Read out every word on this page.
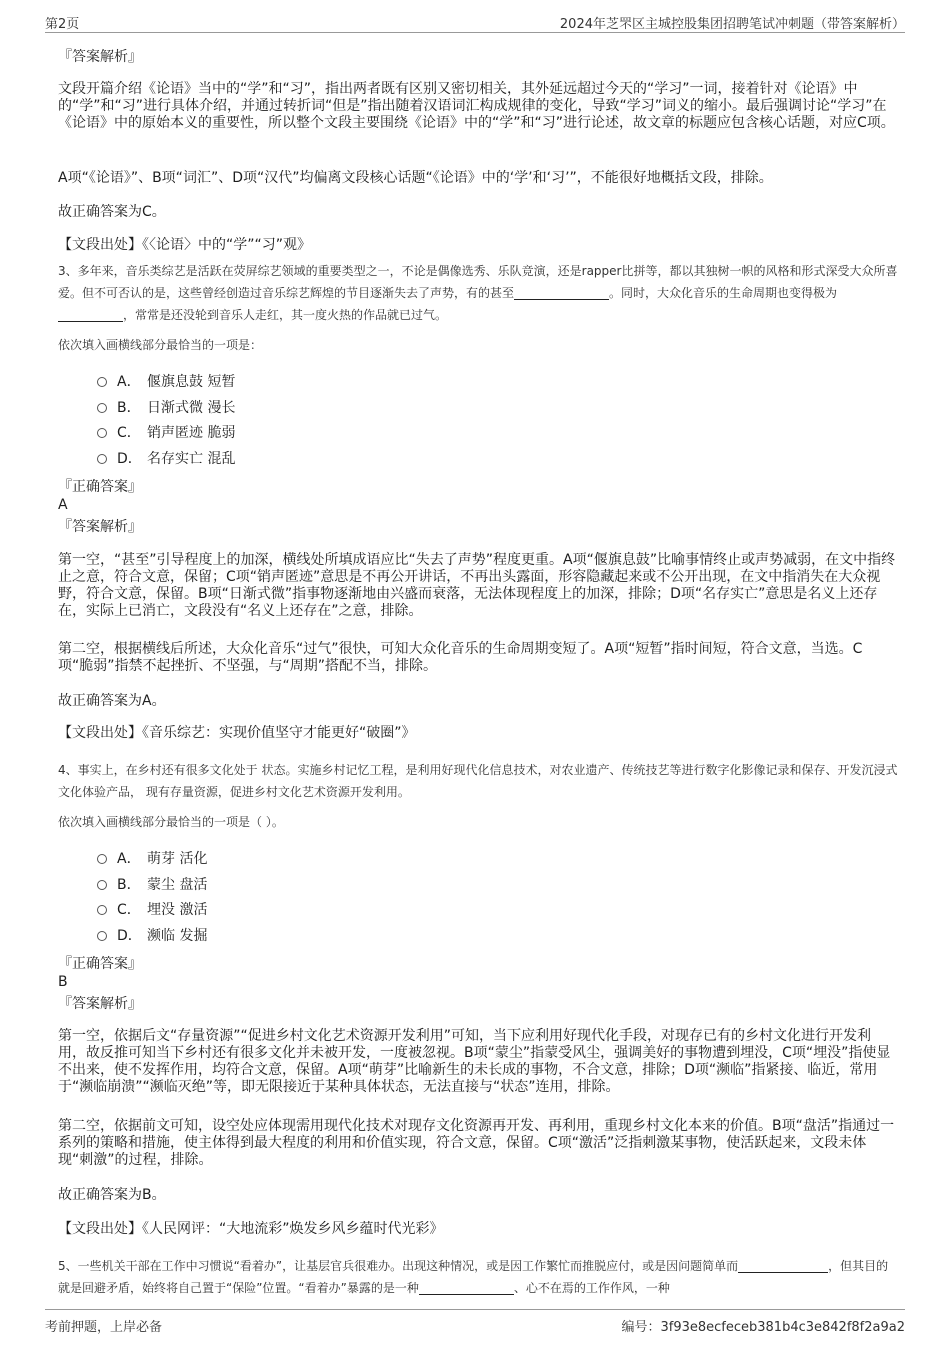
第2页	2024年芝罘区主城控股集团招聘笔试冲刺题（带答案解析）
『答案解析』
文段开篇介绍《论语》当中的“学”和“习”，指出两者既有区别又密切相关，其外延远超过今天的“学习”一词，接着针对《论语》中的“学”和“习”进行具体介绍，并通过转折词“但是”指出随着汉语词汇构成规律的变化，导致“学习”词义的缩小。最后强调讨论“学习”在《论语》中的原始本义的重要性，所以整个文段主要围绕《论语》中的“学”和“习”进行论述，故文章的标题应包含核心话题，对应C项。
A项“《论语》”、B项“词汇”、D项“汉代”均偏离文段核心话题“《论语》中的‘学’和‘习’”，不能很好地概括文段，排除。
故正确答案为C。
【文段出处】《〈论语〉中的“学”“习”观》
3、多年来，音乐类综艺是活跃在荧屏综艺领域的重要类型之一，不论是偶像选秀、乐队竞演，还是rapper比拼等，都以其独树一帜的风格和形式深受大众所喜爱。但不可否认的是，这些曾经创造过音乐综艺辉煌的节目逐渐失去了声势，有的甚至	。同时，大众化音乐的生命周期也变得极为，常常是还没轮到音乐人走红，其一度火热的作品就已过气。
依次填入画横线部分最恰当的一项是：
A． 偃旗息鼓 短暂
B． 日渐式微 漫长
C． 销声匿迹 脆弱
D． 名存实亡 混乱
『正确答案』
A
『答案解析』
第一空，“甚至”引导程度上的加深，横线处所填成语应比“失去了声势”程度更重。A项“偃旗息鼓”比喻事情终止或声势减弱，在文中指终止之意，符合文意，保留；C项“销声匿迹”意思是不再公开讲话，不再出头露面，形容隐藏起来或不公开出现，在文中指消失在大众视野，符合文意，保留。B项“日渐式微”指事物逐渐地由兴盛而衰落，无法体现程度上的加深，排除；D项“名存实亡”意思是名义上还存在，实际上已消亡，文段没有“名义上还存在”之意，排除。
第二空，根据横线后所述，大众化音乐“过气”很快，可知大众化音乐的生命周期变短了。A项“短暂”指时间短，符合文意，当选。C项“脆弱”指禁不起挫折、不坚强，与“周期”搭配不当，排除。
故正确答案为A。
【文段出处】《音乐综艺：实现价值坚守才能更好“破圈”》
4、事实上，在乡村还有很多文化处于 状态。实施乡村记忆工程，是利用好现代化信息技术，对农业遗产、传统技艺等进行数字化影像记录和保存、开发沉浸式文化体验产品， 现有存量资源，促进乡村文化艺术资源开发利用。
依次填入画横线部分最恰当的一项是（ ）。
A． 萌芽 活化
B． 蒙尘 盘活
C． 埋没 激活
D． 濒临 发掘
『正确答案』
B
『答案解析』
第一空，依据后文“存量资源”“促进乡村文化艺术资源开发利用”可知，当下应利用好现代化手段，对现存已有的乡村文化进行开发利用，故反推可知当下乡村还有很多文化并未被开发，一度被忽视。B项“蒙尘”指蒙受风尘，强调美好的事物遭到埋没，C项“埋没”指使显不出来，使不发挥作用，均符合文意，保留。A项“萌芽”比喻新生的未长成的事物，不合文意，排除；D项“濒临”指紧接、临近，常用于“濒临崩溃”“濒临灭绝”等，即无限接近于某种具体状态，无法直接与“状态”连用，排除。
第二空，依据前文可知，设空处应体现需用现代化技术对现存文化资源再开发、再利用，重现乡村文化本来的价值。B项“盘活”指通过一系列的策略和措施，使主体得到最大程度的利用和价值实现，符合文意，保留。C项“激活”泛指刺激某事物，使活跃起来，文段未体现“刺激”的过程，排除。
故正确答案为B。
【文段出处】《人民网评：“大地流彩”焕发乡风乡蕴时代光彩》
5、一些机关干部在工作中习惯说“看着办”，让基层官兵很难办。出现这种情况，或是因工作繁忙而推脱应付，或是因问题简单而	，但其目的就是回避矛盾，始终将自己置于“保险”位置。“看着办”暴露的是一种	、心不在焉的工作作风，一种
考前押题，上岸必备	编号：3f93e8ecfeceb381b4c3e842f8f2a9a2
